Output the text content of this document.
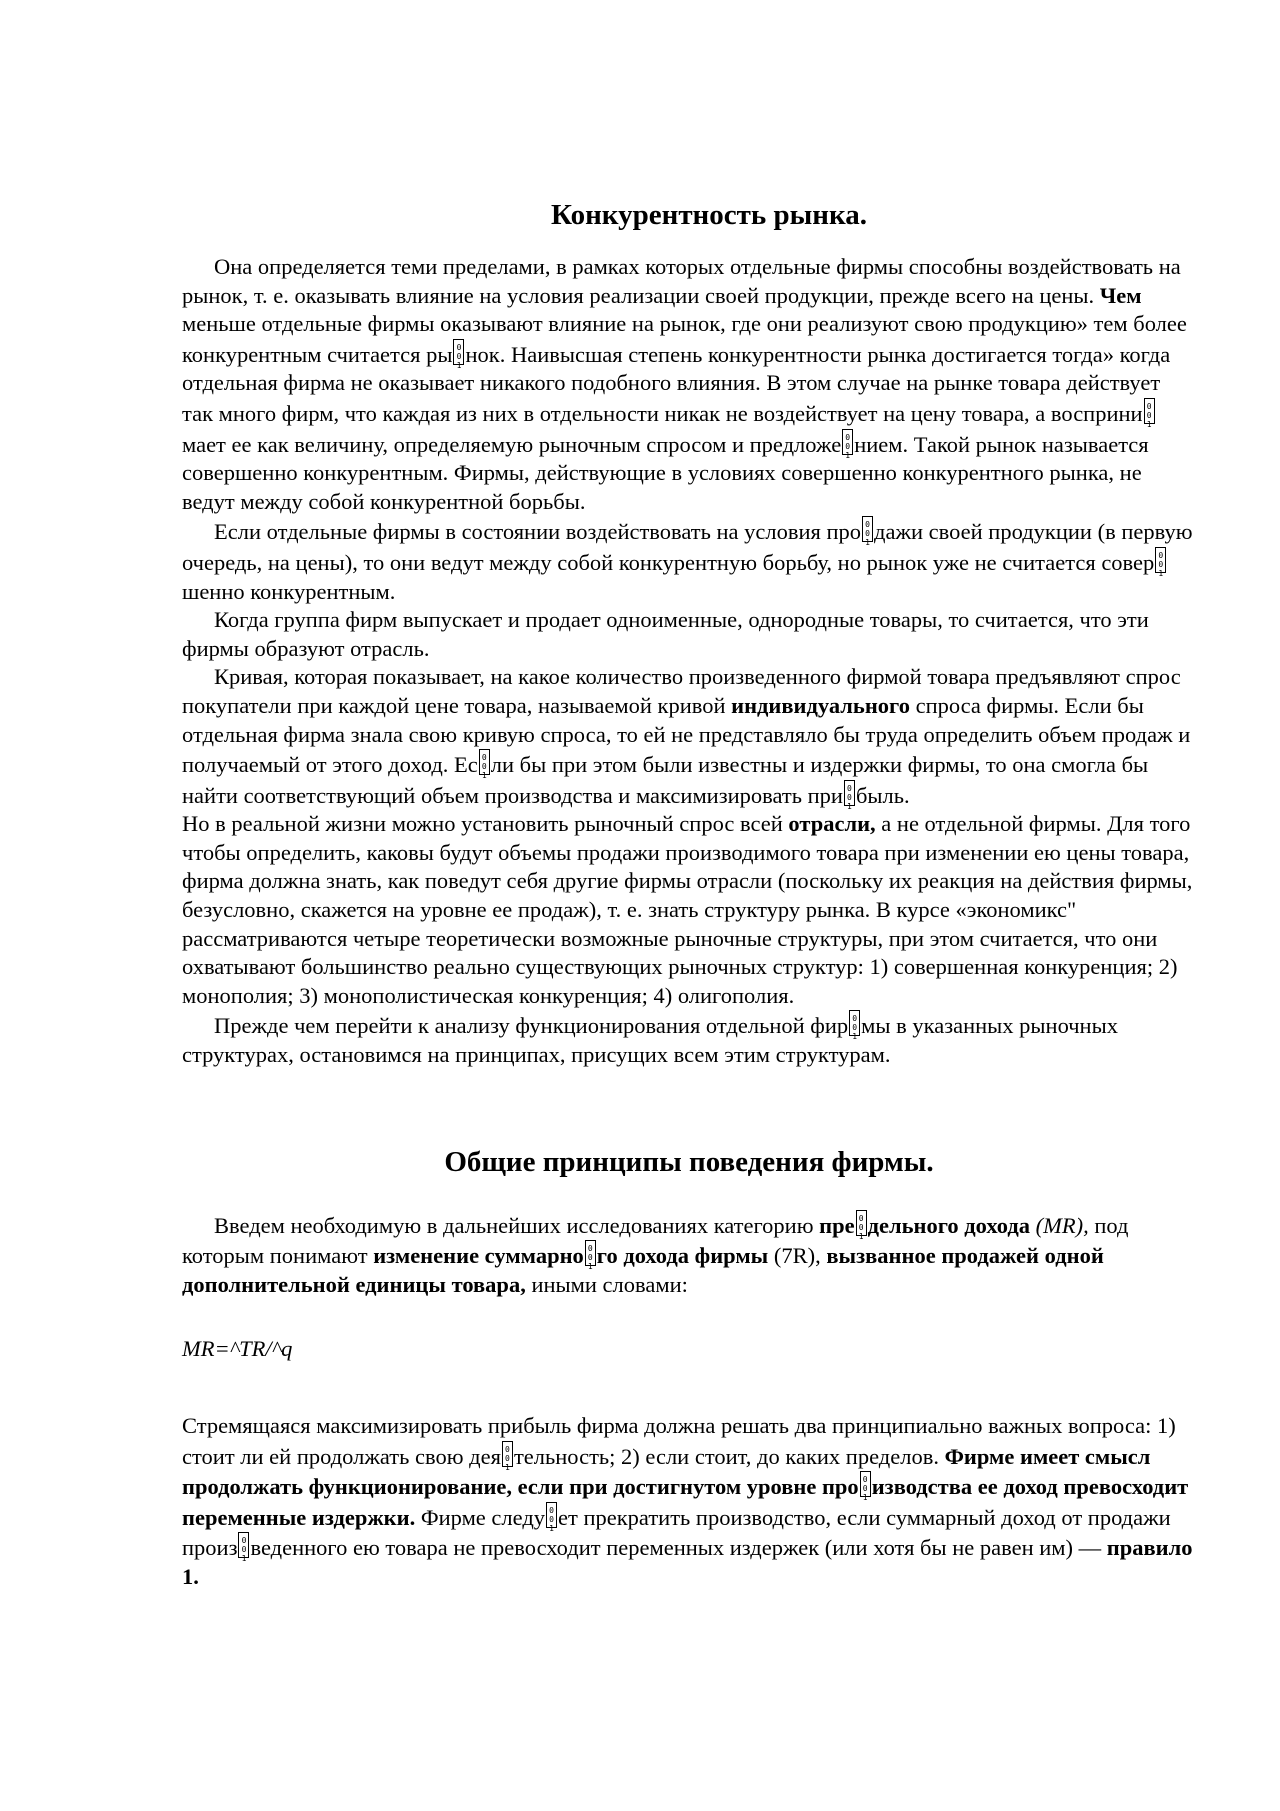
Конкурентность рынка.

Она определяется теми пределами, в рамках которых отдельные фирмы способны воздействовать на рынок, т. е. оказывать влияние на условия реализации своей продукции, прежде всего на цены. Чем меньше отдельные фирмы оказывают влияние на рынок, где они реализуют свою продукцию» тем более конкурентным считается ры 0 0 1 нок. Наивысшая степень конкурентности рынка достигается тогда» когда отдельная фирма не оказывает никакого подобного влияния. В этом случае на рынке товара действует так много фирм, что каждая из них в отдельности никак не воздействует на цену товара, а восприни 0 0 1мает ее как величину, определяемую рыночным спросом и предложе 0 0 1 нием. Такой рынок называется совершенно конкурентным. Фирмы, действующие в условиях совершенно конкурентного рынка, не ведут между собой конкурентной борьбы.

Если отдельные фирмы в состоянии воздействовать на условия про 0 0 1 дажи своей продукции (в первую очередь, на цены), то они ведут между собой конкурентную борьбу, но рынок уже не считается совер 0 0 1шенно конкурентным.

Когда группа фирм выпускает и продает одноименные, однородные товары, то считается, что эти фирмы образуют отрасль.

Кривая, которая показывает, на какое количество произведенного фирмой товара предъявляют спрос покупатели при каждой цене товара, называемой кривой индивидуального спроса фирмы. Если бы отдельная фирма знала свою кривую спроса, то ей не представляло бы труда определить объем продаж и получаемый от этого доход. Ес 0 0 1 ли бы при этом были известны и издержки фирмы, то она смогла бы найти соответствующий объем производства и максимизировать при 0 0 1 быль.

Но в реальной жизни можно установить рыночный спрос всей отрасли, а не отдельной фирмы. Для того чтобы определить, каковы будут объемы продажи производимого товара при изменении ею цены товара, фирма должна знать, как поведут себя другие фирмы отрасли (поскольку их реакция на действия фирмы, безусловно, скажется на уровне ее продаж), т. е. знать структуру рынка. В курсе «экономикс" рассматриваются четыре теоретически возможные рыночные структуры, при этом считается, что они охватывают большинство реально существующих рыночных структур: 1) совершенная конкуренция; 2) монополия; 3) монополистическая конкуренция; 4) олигополия.

Прежде чем перейти к анализу функционирования отдельной фир 0 0 1 мы в указанных рыночных структурах, остановимся на принципах, присущих всем этим структурам.

Общие принципы поведения фирмы.

Введем необходимую в дальнейших исследованиях категорию пре 0 0 1 дельного дохода (MR), под которым понимают изменение суммарно 0 0 1 го дохода фирмы (7R), вызванное продажей одной дополнительной единицы товара, иными словами:

MR=^TR/^q

Стремящаяся максимизировать прибыль фирма должна решать два принципиально важных вопроса: 1) стоит ли ей продолжать свою дея 0 0 1 тельность; 2) если стоит, до каких пределов. Фирме имеет смысл продолжать функционирование, если при достигнутом уровне про 0 0 1 изводства ее доход превосходит переменные издержки. Фирме следу 0 0 1 ет прекратить производство, если суммарный доход от продажи произ 0 0 1 веденного ею товара не превосходит переменных издержек (или хотя бы не равен им) — правило 1.
